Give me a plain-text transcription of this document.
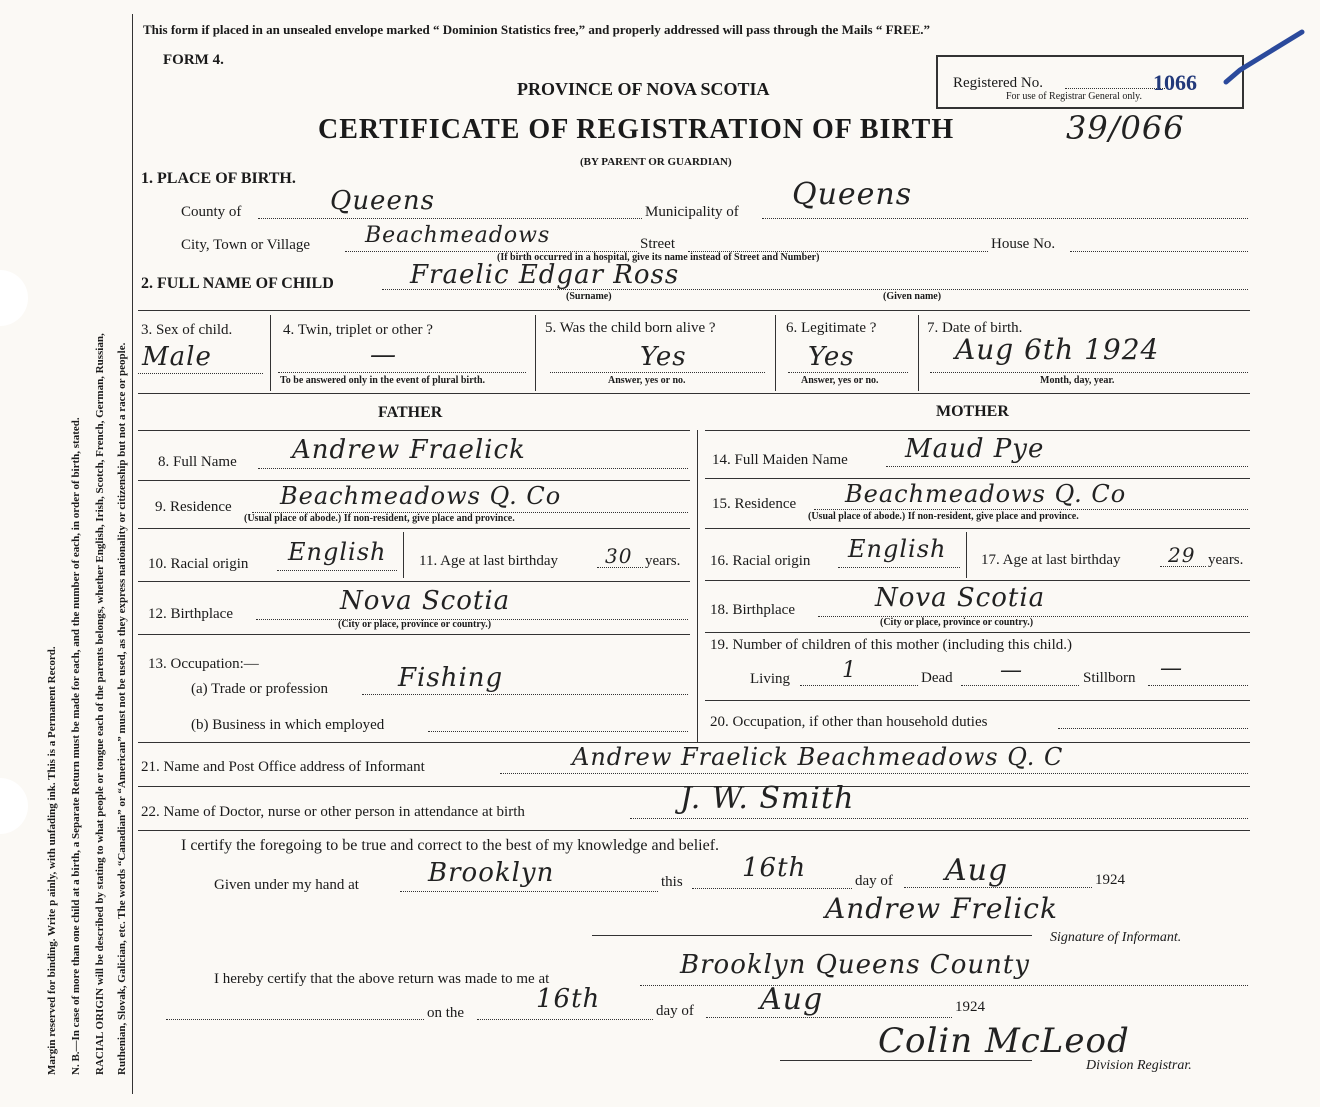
Margin reserved for binding. Write p ainly, with unfading ink. This is a Permanent Record. N. B.—In case of more than one child at a birth, a Separate Return must be made for each, and the number of each, in order of birth, stated. RACIAL ORIGIN will be described by stating to what people or tongue each of the parents belongs, whether English, Irish, Scotch, French, German, Russian, Ruthenian, Slovak, Galician, etc. The words “Canadian” or “American” must not be used, as they express nationality or citizenship but not a race or people.
This form if placed in an unsealed envelope marked “ Dominion Statistics free,” and properly addressed will pass through the Mails “ FREE.”
FORM 4.
PROVINCE OF NOVA SCOTIA
CERTIFICATE OF REGISTRATION OF BIRTH	39/066
(BY PARENT OR GUARDIAN)
Registered No.	1066
For use of Registrar General only.
1. PLACE OF BIRTH.
County of	Queens	Municipality of Queens
City, Town or Village Beachmeadows	Street
(If birth occurred in a hospital, give its name instead of Street and Number)
House No.
2. FULL NAME OF CHILD	Fraelic Edgar Ross
(Surname)	(Given name)
3. Sex of child.
Male
4. Twin, triplet or other ?
—
To be answered only in the event of plural birth.
5. Was the child born alive ?
Yes
Answer, yes or no.
6. Legitimate ?
Yes
Answer, yes or no.
7. Date of birth.
Aug 6th 1924
Month, day, year.
FATHER	MOTHER
8. Full Name Andrew Fraelick
9. Residence Beachmeadows Q. Co
(Usual place of abode.) If non-resident, give place and province.
10. Racial origin English 11. Age at last birthday 30 years.
12. Birthplace	Nova Scotia
(City or place, province or country.)
13. Occupation:—
(a) Trade or profession	Fishing
(b) Business in which employed
14. Full Maiden Name Maud Pye
15. Residence Beachmeadows Q. Co
(Usual place of abode.) If non-resident, give place and province.
16. Racial origin English 17. Age at last birthday 29 years.
18. Birthplace	Nova Scotia
(City or place, province or country.)
19. Number of children of this mother (including this child.)
Living 1	Dead —	Stillborn —
20. Occupation, if other than household duties
21. Name and Post Office address of Informant	Andrew Fraelick Beachmeadows Q. C
22. Name of Doctor, nurse or other person in attendance at birth	J. W. Smith
I certify the foregoing to be true and correct to the best of my knowledge and belief.
Given under my hand at	Brooklyn	this 16th	day of Aug	1924
Andrew Frelick
Signature of Informant.
I hereby certify that the above return was made to me at	Brooklyn Queens County
on the	16th	day of Aug	1924
Colin McLeod
Division Registrar.
